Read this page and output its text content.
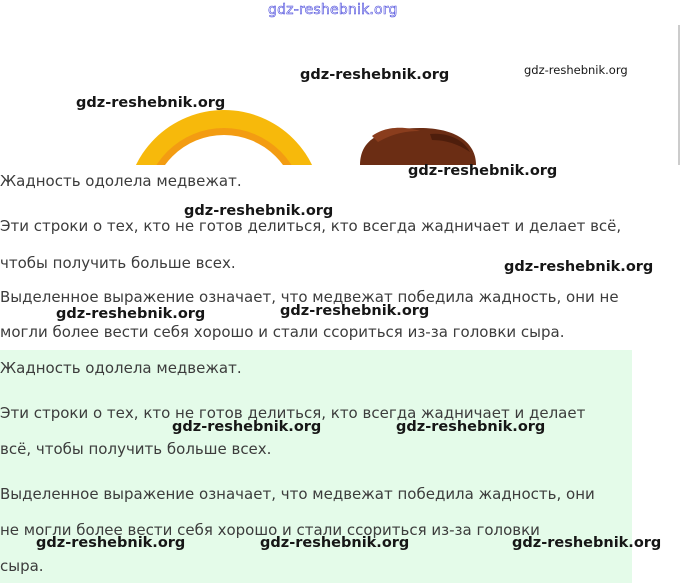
gdz-reshebnik.org
Жадность одолела медвежат.
Эти строки о тех, кто не готов делиться, кто всегда жадничает и делает всё,
чтобы получить больше всех.
Выделенное выражение означает, что медвежат победила жадность, они не
могли более вести себя хорошо и стали ссориться из-за головки сыра.
Жадность одолела медвежат.
Эти строки о тех, кто не готов делиться, кто всегда жадничает и делает
всё, чтобы получить больше всех.
Выделенное выражение означает, что медвежат победила жадность, они
не могли более вести себя хорошо и стали ссориться из-за головки
сыра.
gdz-reshebnik.org	gdz-reshebnik.org
gdz-reshebnik.org
gdz-reshebnik.org
gdz-reshebnik.org
gdz-reshebnik.org
gdz-reshebnik.org	gdz-reshebnik.org
gdz-reshebnik.org	gdz-reshebnik.org
gdz-reshebnik.org	gdz-reshebnik.org	gdz-reshebnik.org
